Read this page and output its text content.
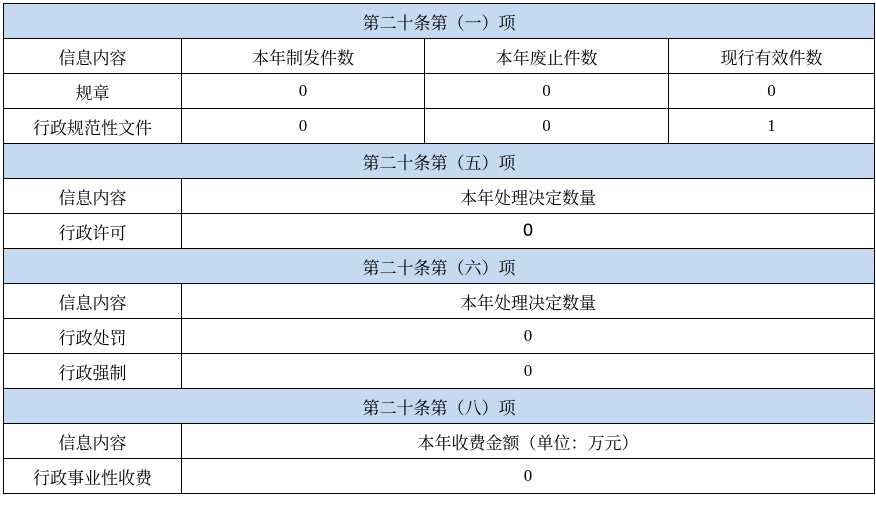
第二十条第（一）项			
信息内容	本年制发件数	本年废止件数	现行有效件数
规章	0	0	0
行政规范性文件	0	0	1
第二十条第（五）项			
信息内容	本年处理决定数量		
行政许可	0		
第二十条第（六）项			
信息内容	本年处理决定数量		
行政处罚	0		
行政强制	0		
第二十条第（八）项			
信息内容	本年收费金额（单位：万元）		
行政事业性收费	0		
